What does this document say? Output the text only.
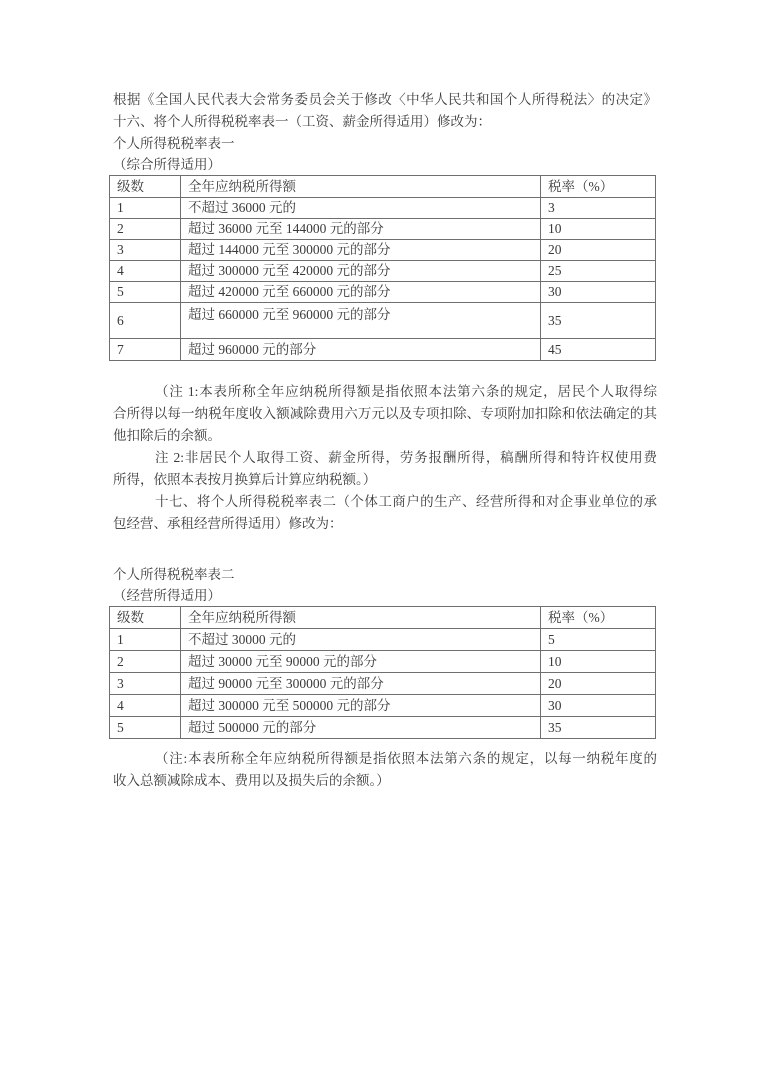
根据《全国人民代表大会常务委员会关于修改〈中华人民共和国个人所得税法〉的决定》
十六、将个人所得税税率表一（工资、薪金所得适用）修改为：
个人所得税税率表一
（综合所得适用）
级数	全年应纳税所得额	税率（%）
1	不超过 36000 元的	3
2	超过 36000 元至 144000 元的部分	10
3	超过 144000 元至 300000 元的部分	20
4	超过 300000 元至 420000 元的部分	25
5	超过 420000 元至 660000 元的部分	30
6	超过 660000 元至 960000 元的部分	35
7	超过 960000 元的部分	45
（注 1:本表所称全年应纳税所得额是指依照本法第六条的规定，居民个人取得综
合所得以每一纳税年度收入额减除费用六万元以及专项扣除、专项附加扣除和依法确定的其
他扣除后的余额。
注 2:非居民个人取得工资、薪金所得，劳务报酬所得，稿酬所得和特许权使用费
所得，依照本表按月换算后计算应纳税额。）
十七、将个人所得税税率表二（个体工商户的生产、经营所得和对企事业单位的承
包经营、承租经营所得适用）修改为：
个人所得税税率表二
（经营所得适用）
级数	全年应纳税所得额	税率（%）
1	不超过 30000 元的	5
2	超过 30000 元至 90000 元的部分	10
3	超过 90000 元至 300000 元的部分	20
4	超过 300000 元至 500000 元的部分	30
5	超过 500000 元的部分	35
（注:本表所称全年应纳税所得额是指依照本法第六条的规定，以每一纳税年度的
收入总额减除成本、费用以及损失后的余额。）
